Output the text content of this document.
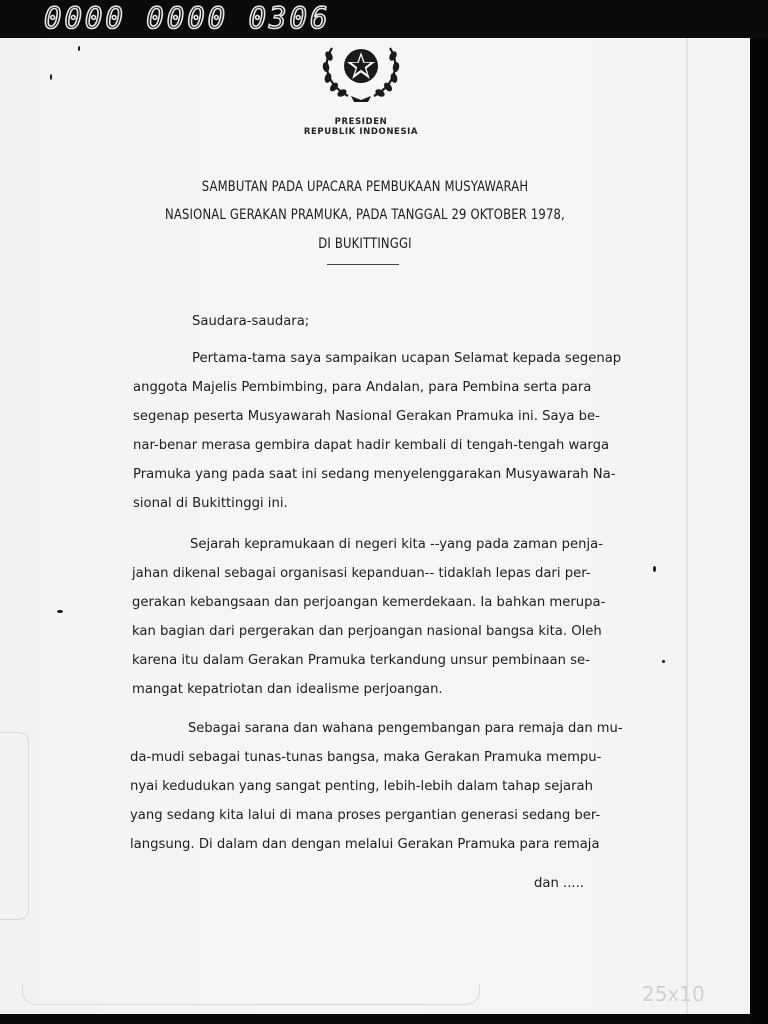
0000 0000 0306
PRESIDEN
REPUBLIK INDONESIA
SAMBUTAN PADA UPACARA PEMBUKAAN MUSYAWARAH
NASIONAL GERAKAN PRAMUKA, PADA TANGGAL 29 OKTOBER 1978,
DI BUKITTINGGI
Saudara-saudara;
Pertama-tama saya sampaikan ucapan Selamat kepada segenap
anggota Majelis Pembimbing, para Andalan, para Pembina serta para
segenap peserta Musyawarah Nasional Gerakan Pramuka ini. Saya be-
nar-benar merasa gembira dapat hadir kembali di tengah-tengah warga
Pramuka yang pada saat ini sedang menyelenggarakan Musyawarah Na-
sional di Bukittinggi ini.
Sejarah kepramukaan di negeri kita --yang pada zaman penja-
jahan dikenal sebagai organisasi kepanduan-- tidaklah lepas dari per-
gerakan kebangsaan dan perjoangan kemerdekaan. Ia bahkan merupa-
kan bagian dari pergerakan dan perjoangan nasional bangsa kita. Oleh
karena itu dalam Gerakan Pramuka terkandung unsur pembinaan se-
mangat kepatriotan dan idealisme perjoangan.
Sebagai sarana dan wahana pengembangan para remaja dan mu-
da-mudi sebagai tunas-tunas bangsa, maka Gerakan Pramuka mempu-
nyai kedudukan yang sangat penting, lebih-lebih dalam tahap sejarah
yang sedang kita lalui di mana proses pergantian generasi sedang ber-
langsung. Di dalam dan dengan melalui Gerakan Pramuka para remaja
dan .....
25x10
